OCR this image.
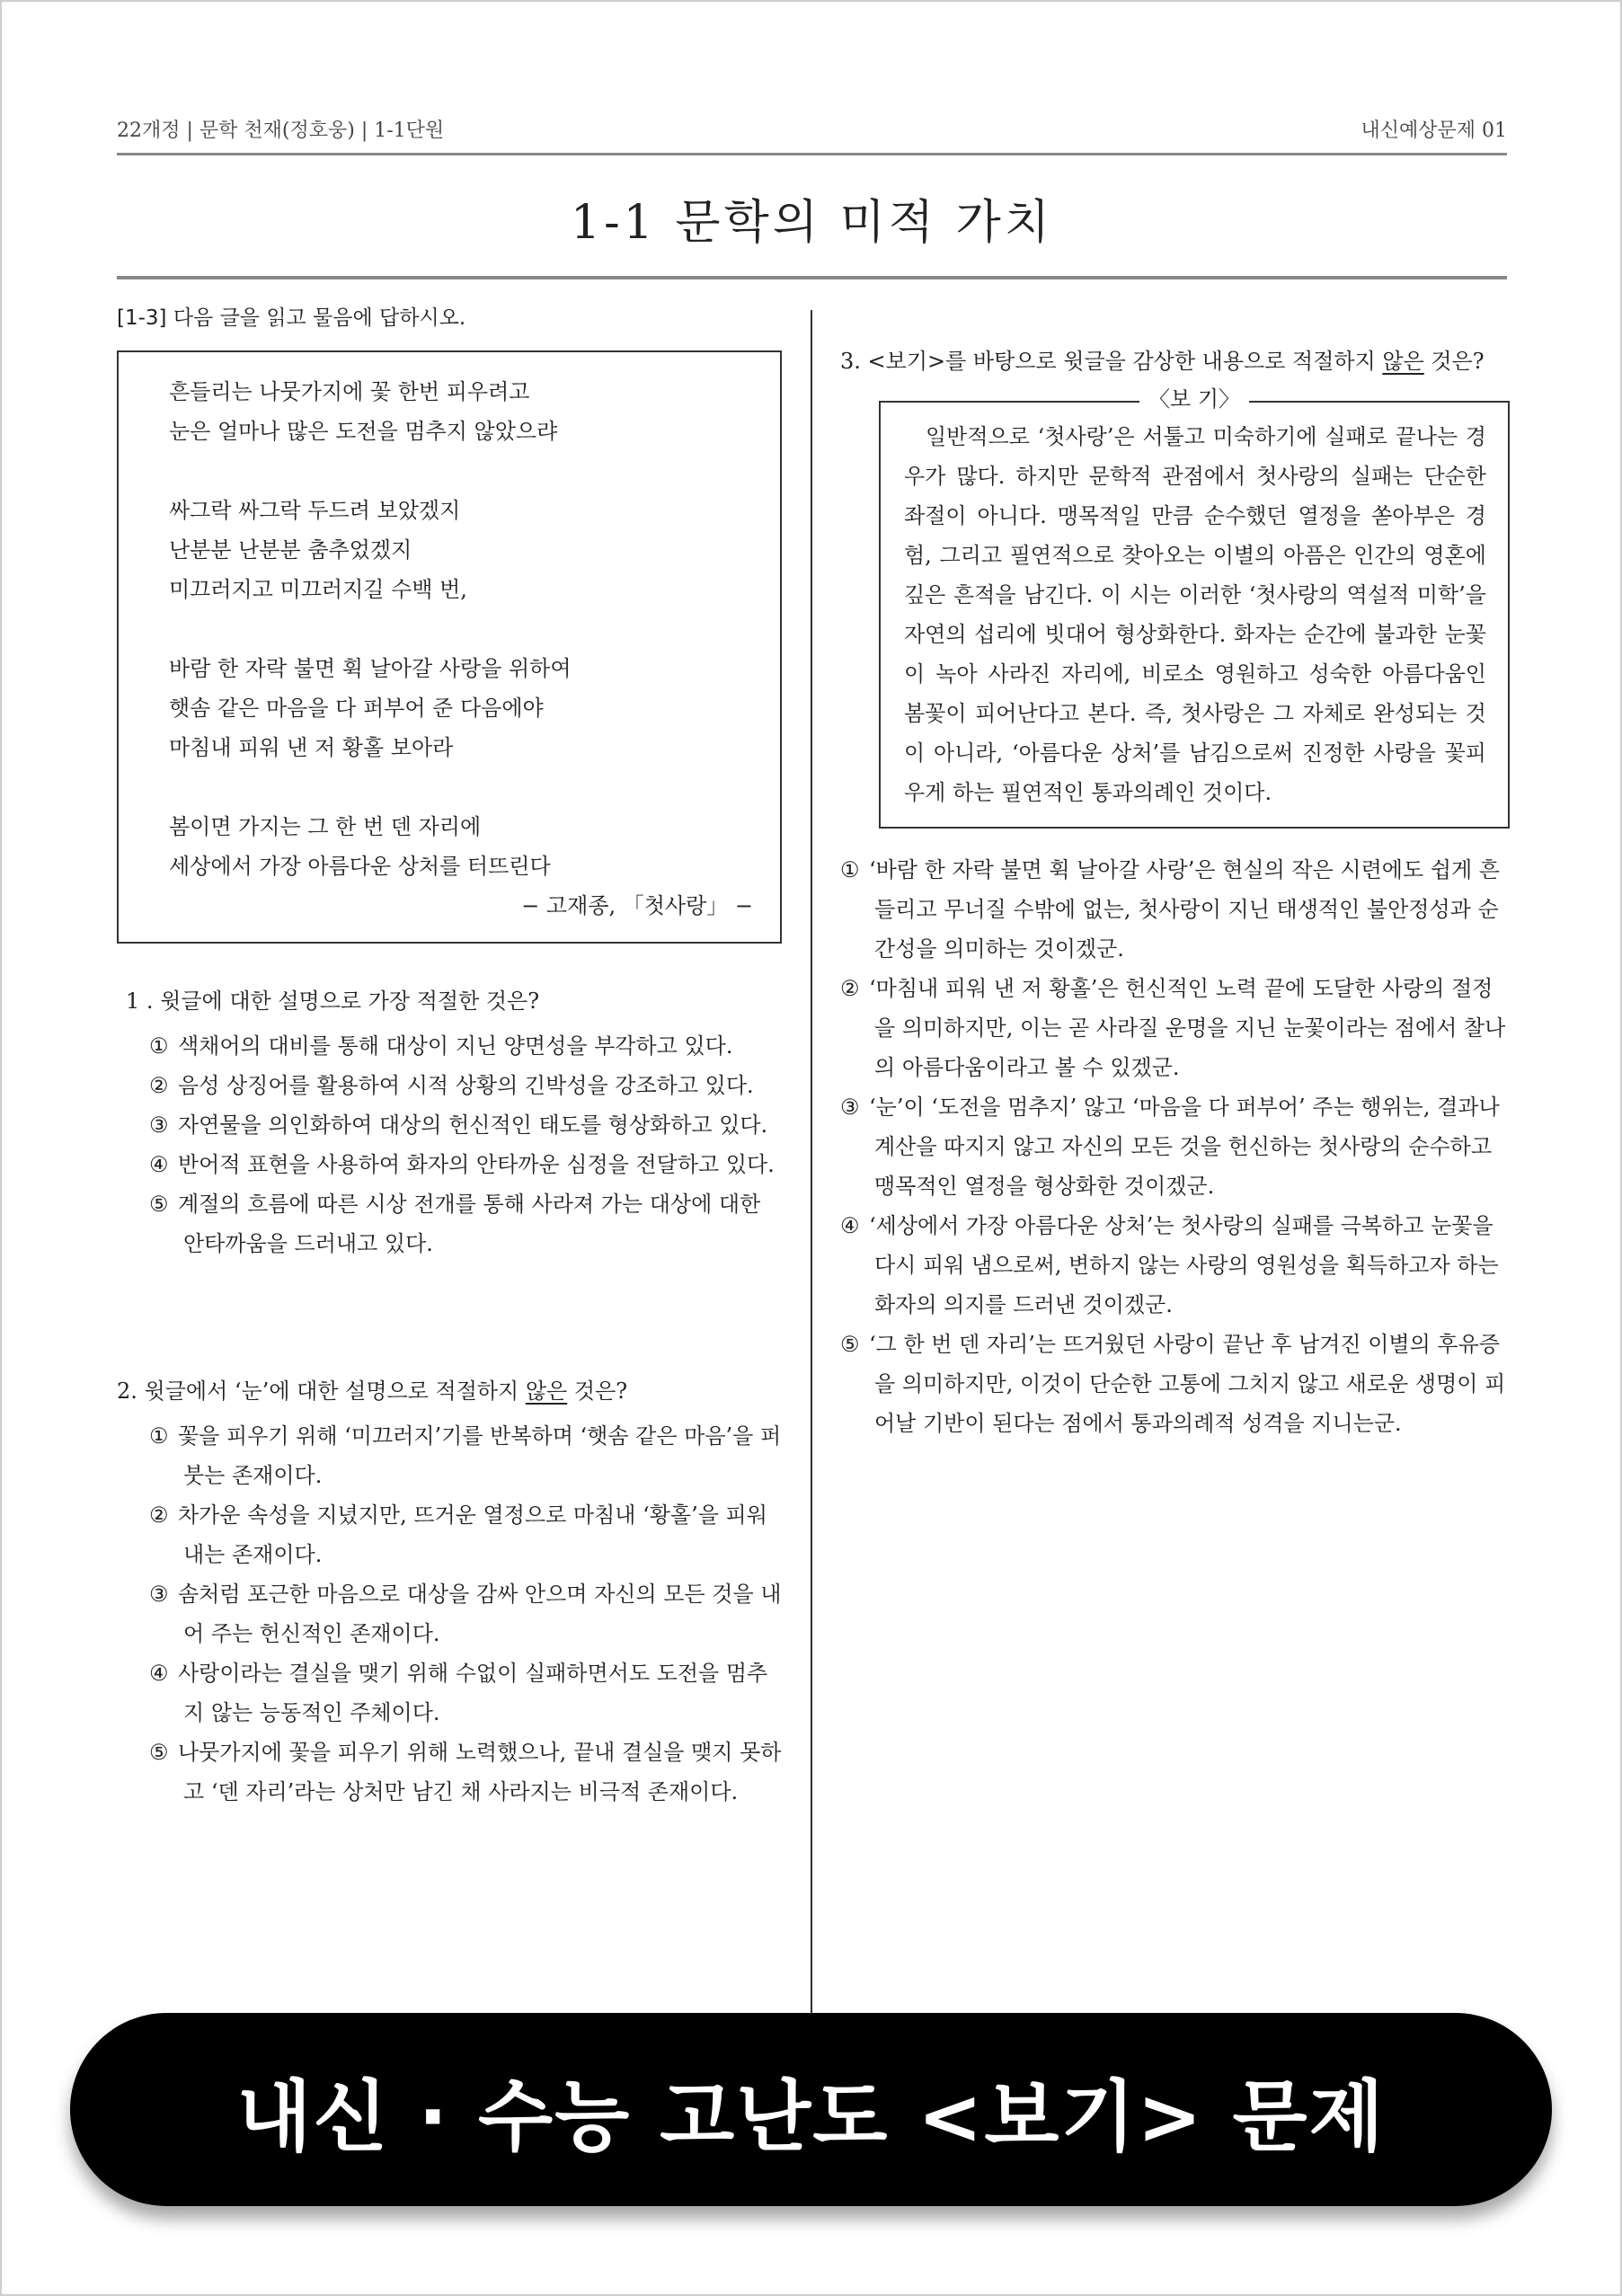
22개정 | 문학 천재(정호웅) | 1-1단원	내신예상문제 01
1-1 문학의 미적 가치
[1-3] 다음 글을 읽고 물음에 답하시오.
흔들리는 나뭇가지에 꽃 한번 피우려고
눈은 얼마나 많은 도전을 멈추지 않았으랴
싸그락 싸그락 두드려 보았겠지
난분분 난분분 춤추었겠지
미끄러지고 미끄러지길 수백 번,
바람 한 자락 불면 휙 날아갈 사랑을 위하여
햇솜 같은 마음을 다 퍼부어 준 다음에야
마침내 피워 낸 저 황홀 보아라
봄이면 가지는 그 한 번 덴 자리에
세상에서 가장 아름다운 상처를 터뜨린다
− 고재종, 「첫사랑」 −
1 . 윗글에 대한 설명으로 가장 적절한 것은?
① 색채어의 대비를 통해 대상이 지닌 양면성을 부각하고 있다.
② 음성 상징어를 활용하여 시적 상황의 긴박성을 강조하고 있다.
③ 자연물을 의인화하여 대상의 헌신적인 태도를 형상화하고 있다.
④ 반어적 표현을 사용하여 화자의 안타까운 심정을 전달하고 있다.
⑤ 계절의 흐름에 따른 시상 전개를 통해 사라져 가는 대상에 대한 안타까움을 드러내고 있다.
2. 윗글에서 ‘눈’에 대한 설명으로 적절하지 않은 것은?
① 꽃을 피우기 위해 ‘미끄러지’기를 반복하며 ‘햇솜 같은 마음’을 퍼붓는 존재이다.
② 차가운 속성을 지녔지만, 뜨거운 열정으로 마침내 ‘황홀’을 피워 내는 존재이다.
③ 솜처럼 포근한 마음으로 대상을 감싸 안으며 자신의 모든 것을 내어 주는 헌신적인 존재이다.
④ 사랑이라는 결실을 맺기 위해 수없이 실패하면서도 도전을 멈추지 않는 능동적인 주체이다.
⑤ 나뭇가지에 꽃을 피우기 위해 노력했으나, 끝내 결실을 맺지 못하고 ‘덴 자리’라는 상처만 남긴 채 사라지는 비극적 존재이다.
3. <보기>를 바탕으로 윗글을 감상한 내용으로 적절하지 않은 것은?
〈보 기〉
일반적으로 ‘첫사랑’은 서툴고 미숙하기에 실패로 끝나는 경우가 많다. 하지만 문학적 관점에서 첫사랑의 실패는 단순한 좌절이 아니다. 맹목적일 만큼 순수했던 열정을 쏟아부은 경험, 그리고 필연적으로 찾아오는 이별의 아픔은 인간의 영혼에 깊은 흔적을 남긴다. 이 시는 이러한 ‘첫사랑의 역설적 미학’을 자연의 섭리에 빗대어 형상화한다. 화자는 순간에 불과한 눈꽃이 녹아 사라진 자리에, 비로소 영원하고 성숙한 아름다움인 봄꽃이 피어난다고 본다. 즉, 첫사랑은 그 자체로 완성되는 것이 아니라, ‘아름다운 상처’를 남김으로써 진정한 사랑을 꽃피우게 하는 필연적인 통과의례인 것이다.
① ‘바람 한 자락 불면 휙 날아갈 사랑’은 현실의 작은 시련에도 쉽게 흔들리고 무너질 수밖에 없는, 첫사랑이 지닌 태생적인 불안정성과 순간성을 의미하는 것이겠군.
② ‘마침내 피워 낸 저 황홀’은 헌신적인 노력 끝에 도달한 사랑의 절정을 의미하지만, 이는 곧 사라질 운명을 지닌 눈꽃이라는 점에서 찰나의 아름다움이라고 볼 수 있겠군.
③ ‘눈’이 ‘도전을 멈추지’ 않고 ‘마음을 다 퍼부어’ 주는 행위는, 결과나 계산을 따지지 않고 자신의 모든 것을 헌신하는 첫사랑의 순수하고 맹목적인 열정을 형상화한 것이겠군.
④ ‘세상에서 가장 아름다운 상처’는 첫사랑의 실패를 극복하고 눈꽃을 다시 피워 냄으로써, 변하지 않는 사랑의 영원성을 획득하고자 하는 화자의 의지를 드러낸 것이겠군.
⑤ ‘그 한 번 덴 자리’는 뜨거웠던 사랑이 끝난 후 남겨진 이별의 후유증을 의미하지만, 이것이 단순한 고통에 그치지 않고 새로운 생명이 피어날 기반이 된다는 점에서 통과의례적 성격을 지니는군.
내신 · 수능 고난도 <보기> 문제
